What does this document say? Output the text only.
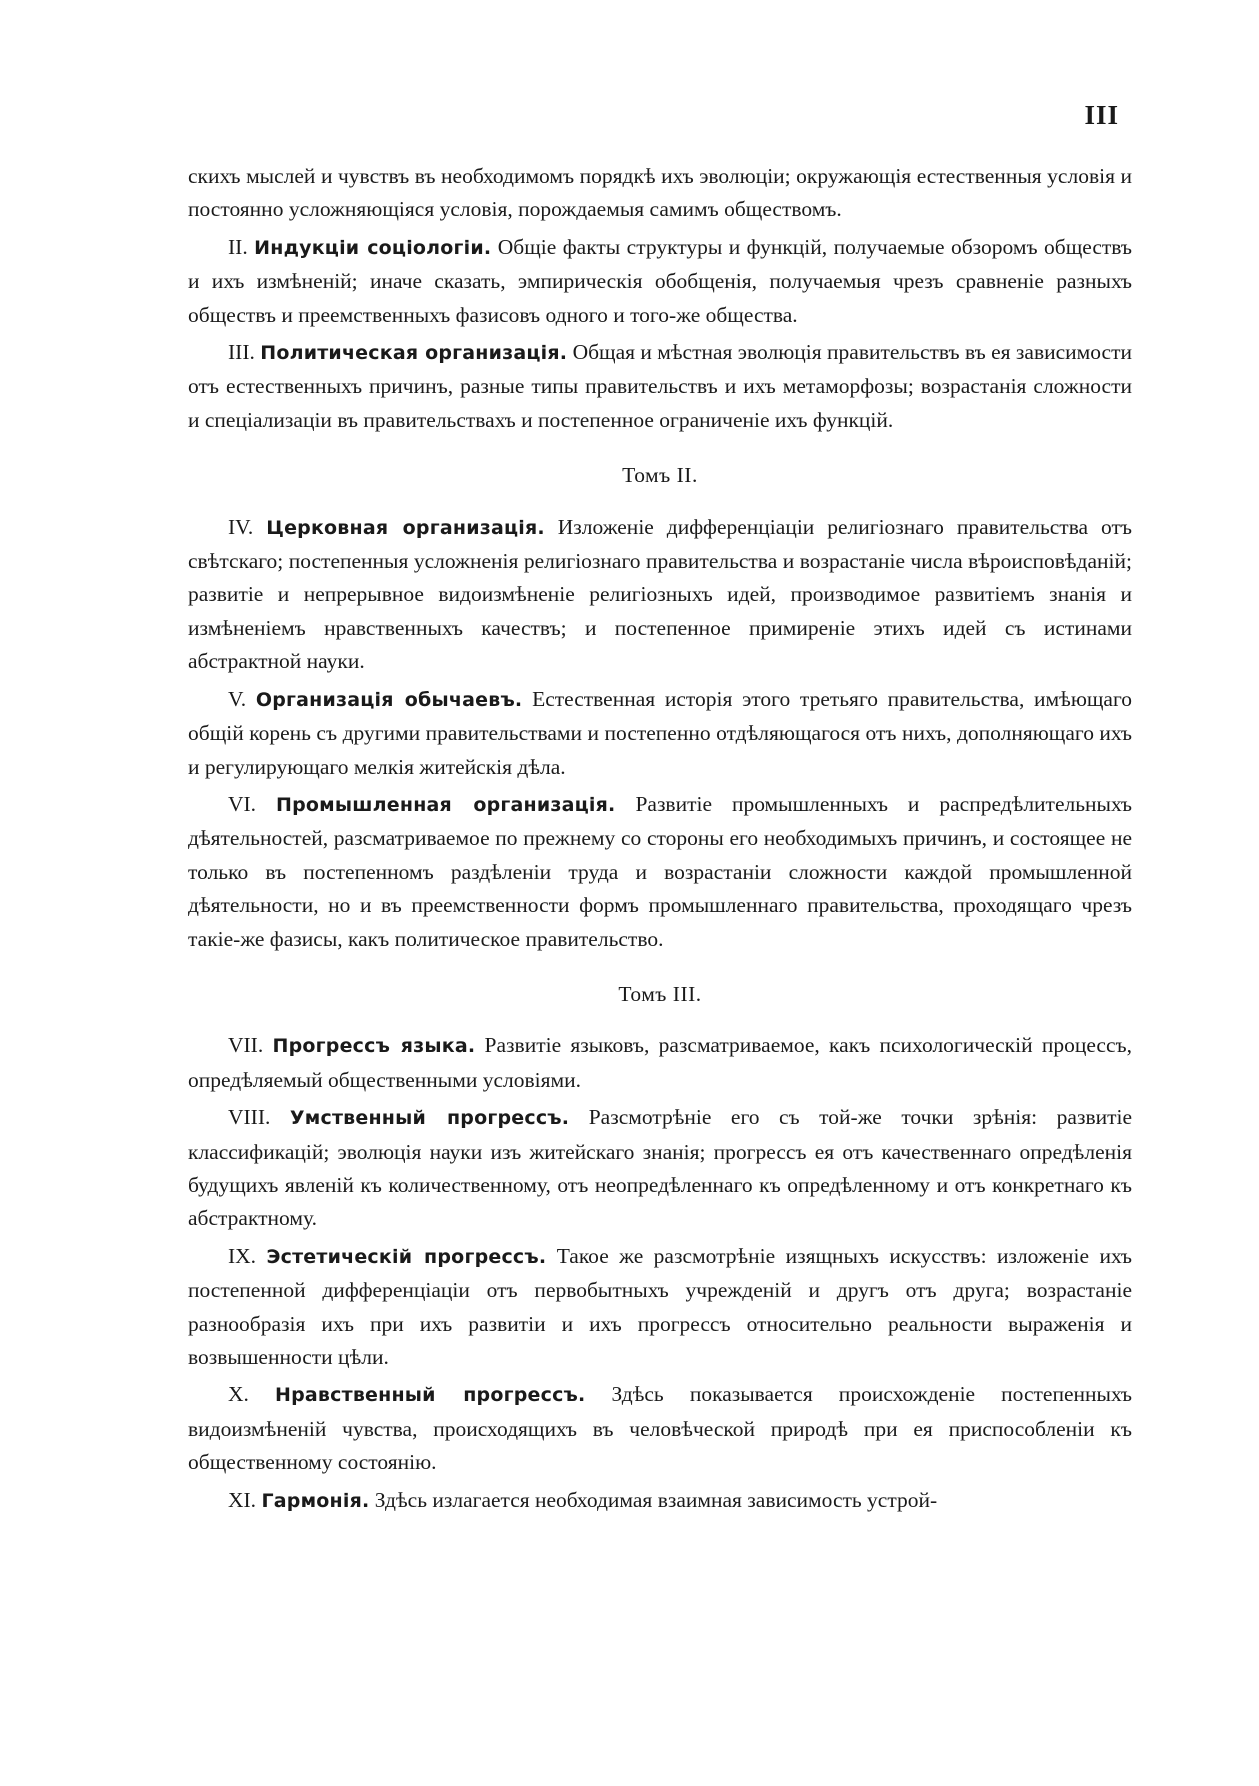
III

скихъ мыслей и чувствъ въ необходимомъ порядкѣ ихъ эволюціи; окружающія естественныя условія и постоянно усложняющіяся условія, порождаемыя самимъ обществомъ.

II. Индукціи соціологіи. Общіе факты структуры и функцій, получаемые обзоромъ обществъ и ихъ измѣненій; иначе сказать, эмпирическія обобщенія, получаемыя чрезъ сравненіе разныхъ обществъ и преемственныхъ фазисовъ одного и того-же общества.

III. Политическая организація. Общая и мѣстная эволюція правительствъ въ ея зависимости отъ естественныхъ причинъ, разные типы правительствъ и ихъ метаморфозы; возрастанія сложности и спеціализаціи въ правительствахъ и постепенное ограниченіе ихъ функцій.

Томъ II.

IV. Церковная организація. Изложеніе дифференціаціи религіознаго правительства отъ свѣтскаго; постепенныя усложненія религіознаго правительства и возрастаніе числа вѣроисповѣданій; развитіе и непрерывное видоизмѣненіе религіозныхъ идей, производимое развитіемъ знанія и измѣненіемъ нравственныхъ качествъ; и постепенное примиреніе этихъ идей съ истинами абстрактной науки.

V. Организація обычаевъ. Естественная исторія этого третьяго правительства, имѣющаго общій корень съ другими правительствами и постепенно отдѣляющагося отъ нихъ, дополняющаго ихъ и регулирующаго мелкія житейскія дѣла.

VI. Промышленная организація. Развитіе промышленныхъ и распредѣлительныхъ дѣятельностей, разсматриваемое по прежнему со стороны его необходимыхъ причинъ, и состоящее не только въ постепенномъ раздѣленіи труда и возрастаніи сложности каждой промышленной дѣятельности, но и въ преемственности формъ промышленнаго правительства, проходящаго чрезъ такіе-же фазисы, какъ политическое правительство.

Томъ III.

VII. Прогрессъ языка. Развитіе языковъ, разсматриваемое, какъ психологическій процессъ, опредѣляемый общественными условіями.

VIII. Умственный прогрессъ. Разсмотрѣніе его съ той-же точки зрѣнія: развитіе классификацій; эволюція науки изъ житейскаго знанія; прогрессъ ея отъ качественнаго опредѣленія будущихъ явленій къ количественному, отъ неопредѣленнаго къ опредѣленному и отъ конкретнаго къ абстрактному.

IX. Эстетическій прогрессъ. Такое же разсмотрѣніе изящныхъ искусствъ: изложеніе ихъ постепенной дифференціаціи отъ первобытныхъ учрежденій и другъ отъ друга; возрастаніе разнообразія ихъ при ихъ развитіи и ихъ прогрессъ относительно реальности выраженія и возвышенности цѣли.

X. Нравственный прогрессъ. Здѣсь показывается происхожденіе постепенныхъ видоизмѣненій чувства, происходящихъ въ человѣческой природѣ при ея приспособленіи къ общественному состоянію.

XI. Гармонія. Здѣсь излагается необходимая взаимная зависимость устрой-
